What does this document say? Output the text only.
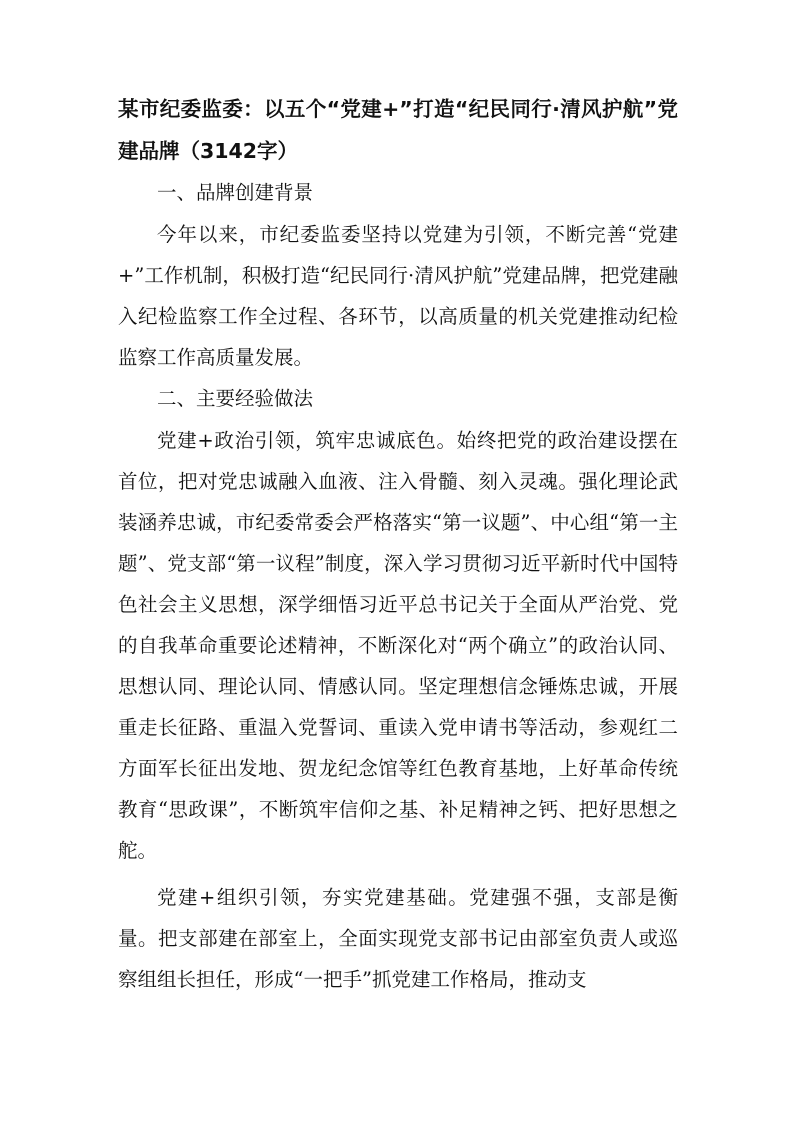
某市纪委监委：以五个“党建+”打造“纪民同行·清风护航”党建品牌（3142字）

一、品牌创建背景

今年以来，市纪委监委坚持以党建为引领，不断完善“党建+”工作机制，积极打造“纪民同行·清风护航”党建品牌，把党建融入纪检监察工作全过程、各环节，以高质量的机关党建推动纪检监察工作高质量发展。

二、主要经验做法

党建+政治引领，筑牢忠诚底色。始终把党的政治建设摆在首位，把对党忠诚融入血液、注入骨髓、刻入灵魂。强化理论武装涵养忠诚，市纪委常委会严格落实“第一议题”、中心组“第一主题”、党支部“第一议程”制度，深入学习贯彻习近平新时代中国特色社会主义思想，深学细悟习近平总书记关于全面从严治党、党的自我革命重要论述精神，不断深化对“两个确立”的政治认同、思想认同、理论认同、情感认同。坚定理想信念锤炼忠诚，开展重走长征路、重温入党誓词、重读入党申请书等活动，参观红二方面军长征出发地、贺龙纪念馆等红色教育基地，上好革命传统教育“思政课”，不断筑牢信仰之基、补足精神之钙、把好思想之舵。

党建+组织引领，夯实党建基础。党建强不强，支部是衡量。把支部建在部室上，全面实现党支部书记由部室负责人或巡察组组长担任，形成“一把手”抓党建工作格局，推动支
